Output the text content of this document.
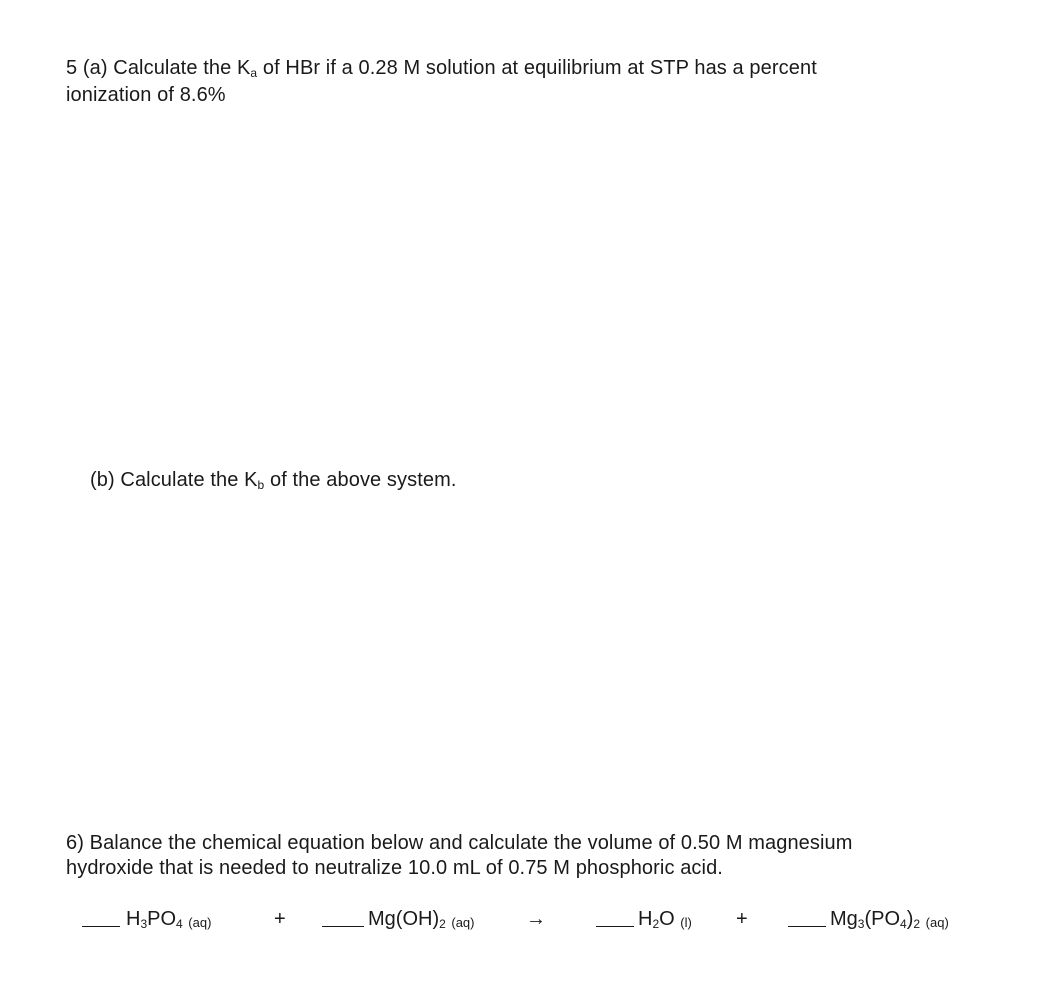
5 (a) Calculate the Ka of HBr if a 0.28 M solution at equilibrium at STP has a percent
ionization of 8.6%
(b) Calculate the Kb of the above system.
6) Balance the chemical equation below and calculate the volume of 0.50 M magnesium
hydroxide that is needed to neutralize 10.0 mL of 0.75 M phosphoric acid.
H3PO4 (aq)	+	Mg(OH)2 (aq)	→	H2O (l) +	Mg3(PO4)2 (aq)
